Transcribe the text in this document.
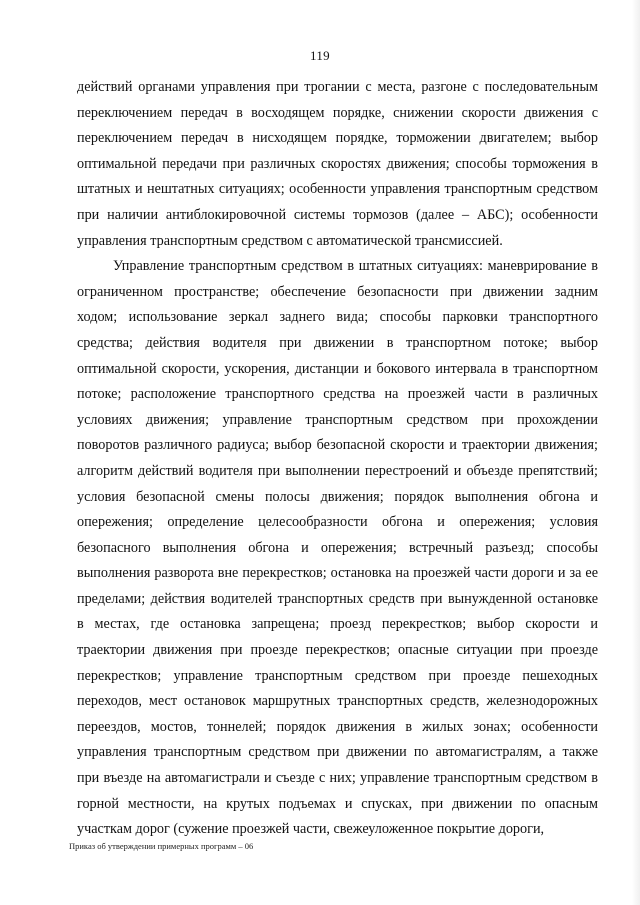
119
действий органами управления при трогании с места, разгоне с последовательным
переключением передач в восходящем порядке, снижении скорости движения с
переключением передач в нисходящем порядке, торможении двигателем; выбор
оптимальной передачи при различных скоростях движения; способы торможения в
штатных и нештатных ситуациях; особенности управления транспортным средством
при наличии антиблокировочной системы тормозов (далее – АБС); особенности
управления транспортным средством с автоматической трансмиссией.
Управление транспортным средством в штатных ситуациях: маневрирование в
ограниченном пространстве; обеспечение безопасности при движении задним
ходом; использование зеркал заднего вида; способы парковки транспортного
средства; действия водителя при движении в транспортном потоке; выбор
оптимальной скорости, ускорения, дистанции и бокового интервала в транспортном
потоке; расположение транспортного средства на проезжей части в различных
условиях движения; управление транспортным средством при прохождении
поворотов различного радиуса; выбор безопасной скорости и траектории движения;
алгоритм действий водителя при выполнении перестроений и объезде препятствий;
условия безопасной смены полосы движения; порядок выполнения обгона и
опережения; определение целесообразности обгона и опережения; условия
безопасного выполнения обгона и опережения; встречный разъезд; способы
выполнения разворота вне перекрестков; остановка на проезжей части дороги и за ее
пределами; действия водителей транспортных средств при вынужденной остановке
в местах, где остановка запрещена; проезд перекрестков; выбор скорости и
траектории движения при проезде перекрестков; опасные ситуации при проезде
перекрестков; управление транспортным средством при проезде пешеходных
переходов, мест остановок маршрутных транспортных средств, железнодорожных
переездов, мостов, тоннелей; порядок движения в жилых зонах; особенности
управления транспортным средством при движении по автомагистралям, а также
при въезде на автомагистрали и съезде с них; управление транспортным средством в
горной местности, на крутых подъемах и спусках, при движении по опасным
участкам дорог (сужение проезжей части, свежеуложенное покрытие дороги,
Приказ об утверждении примерных программ – 06
